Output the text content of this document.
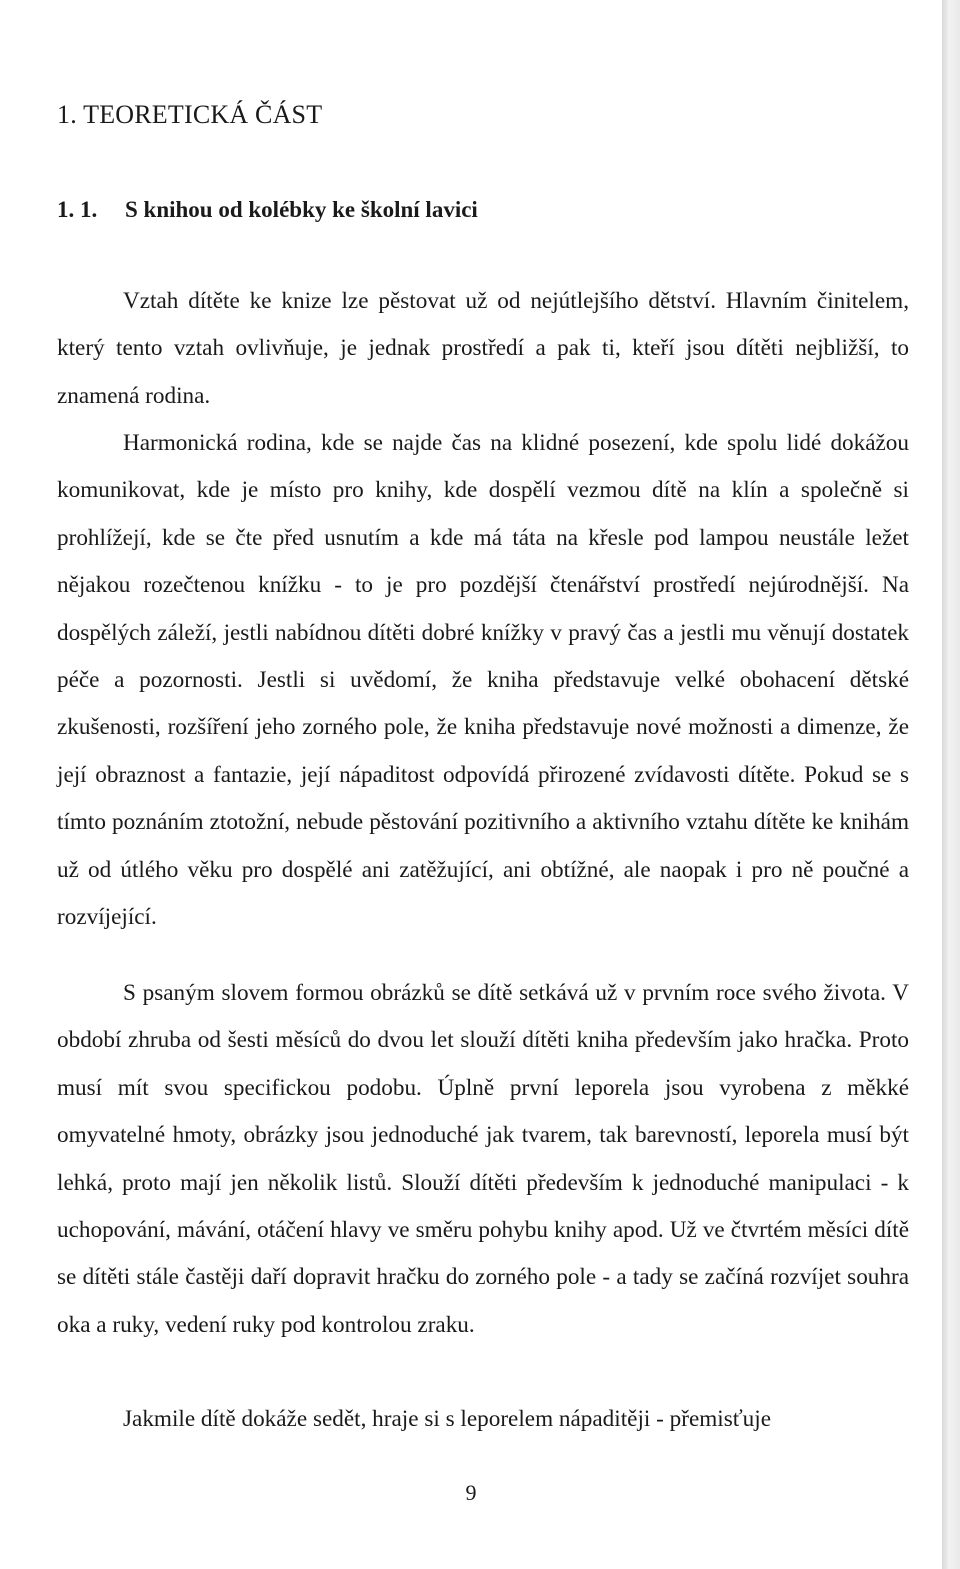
1. TEORETICKÁ ČÁST
1. 1. S knihou od kolébky ke školní lavici

Vztah dítěte ke knize lze pěstovat už od nejútlejšího dětství. Hlavním činitelem, který tento vztah ovlivňuje, je jednak prostředí a pak ti, kteří jsou dítěti nejbližší, to znamená rodina.

Harmonická rodina, kde se najde čas na klidné posezení, kde spolu lidé dokážou komunikovat, kde je místo pro knihy, kde dospělí vezmou dítě na klín a společně si prohlížejí, kde se čte před usnutím a kde má táta na křesle pod lampou neustále ležet nějakou rozečtenou knížku - to je pro pozdější čtenářství prostředí nejúrodnější. Na dospělých záleží, jestli nabídnou dítěti dobré knížky v pravý čas a jestli mu věnují dostatek péče a pozornosti. Jestli si uvědomí, že kniha představuje velké obohacení dětské zkušenosti, rozšíření jeho zorného pole, že kniha představuje nové možnosti a dimenze, že její obraznost a fantazie, její nápaditost odpovídá přirozené zvídavosti dítěte. Pokud se s tímto poznáním ztotožní, nebude pěstování pozitivního a aktivního vztahu dítěte ke knihám už od útlého věku pro dospělé ani zatěžující, ani obtížné, ale naopak i pro ně poučné a rozvíjející.

S psaným slovem formou obrázků se dítě setkává už v prvním roce svého života. V období zhruba od šesti měsíců do dvou let slouží dítěti kniha především jako hračka. Proto musí mít svou specifickou podobu. Úplně první leporela jsou vyrobena z měkké omyvatelné hmoty, obrázky jsou jednoduché jak tvarem, tak barevností, leporela musí být lehká, proto mají jen několik listů. Slouží dítěti především k jednoduché manipulaci - k uchopování, mávání, otáčení hlavy ve směru pohybu knihy apod. Už ve čtvrtém měsíci dítě se dítěti stále častěji daří dopravit hračku do zorného pole - a tady se začíná rozvíjet souhra oka a ruky, vedení ruky pod kontrolou zraku.

Jakmile dítě dokáže sedět, hraje si s leporelem nápaditěji - přemisťuje

9
